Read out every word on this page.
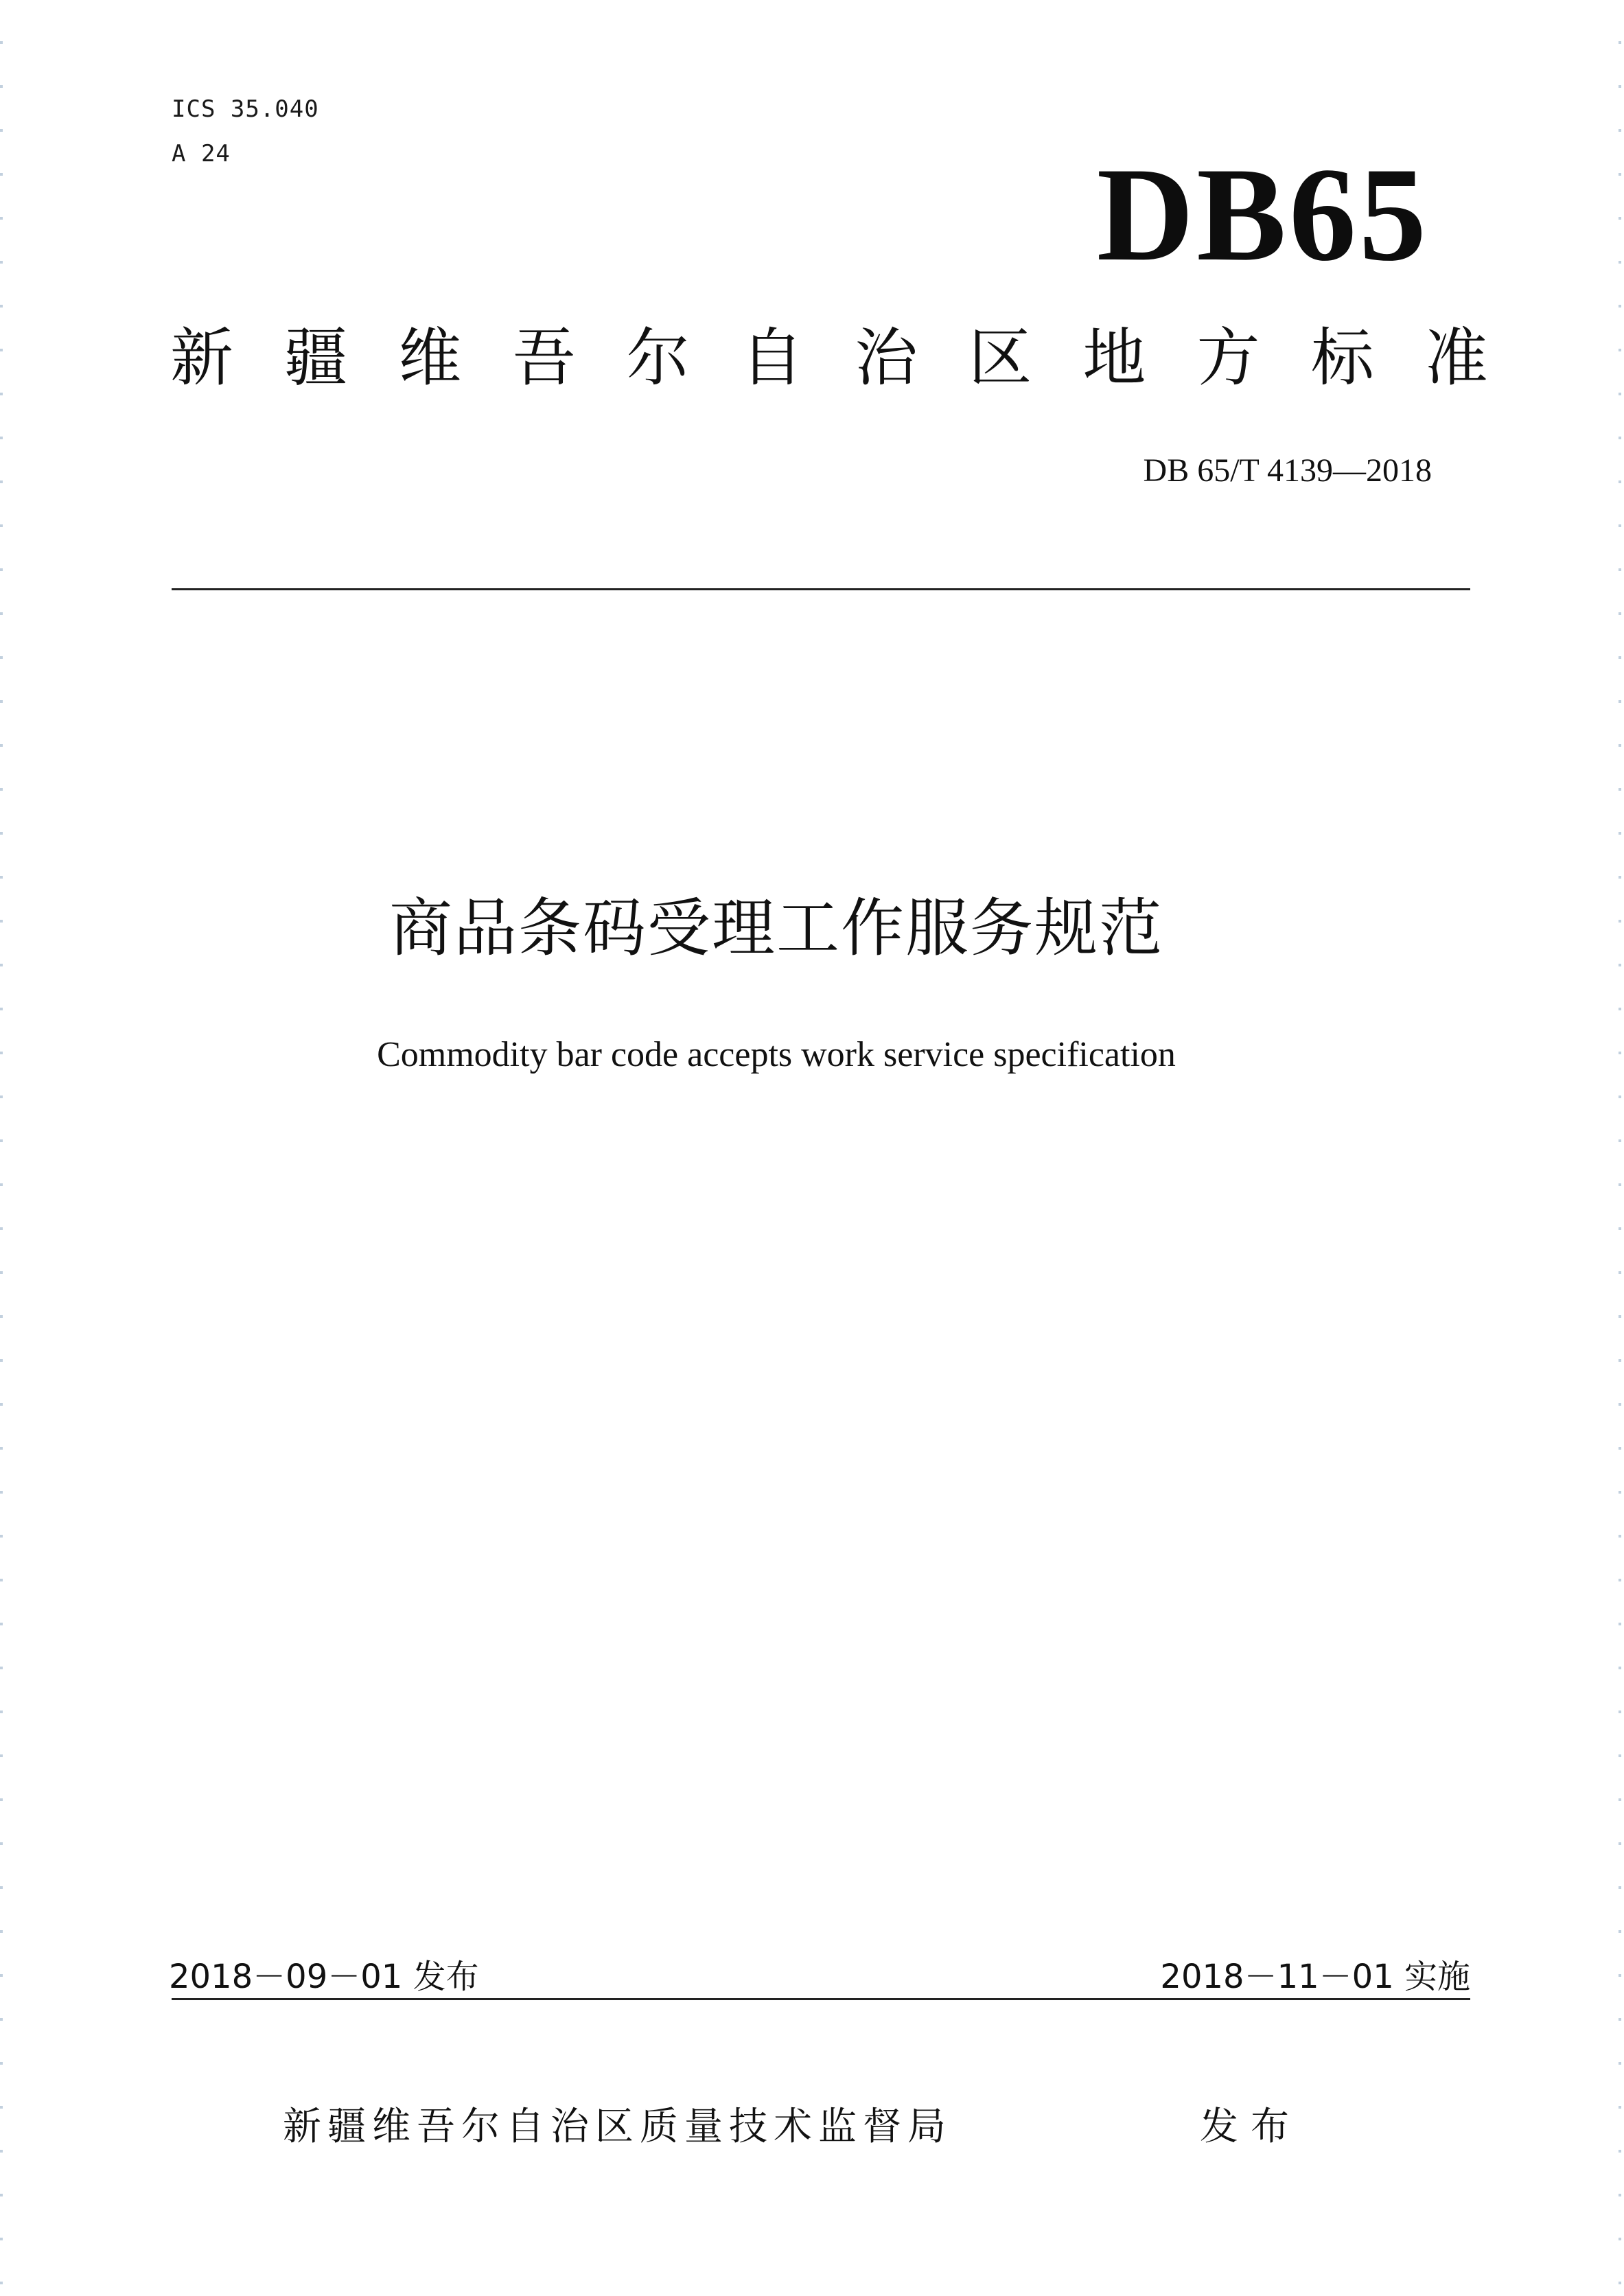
ICS 35.040
A 24	DB65
新 疆 维 吾 尔 自 治 区 地 方 标 准
DB 65/T 4139—2018
商品条码受理工作服务规范
Commodity bar code accepts work service specification
2018－09－01 发布	2018－11－01 实施
新疆维吾尔自治区质量技术监督局	发布
